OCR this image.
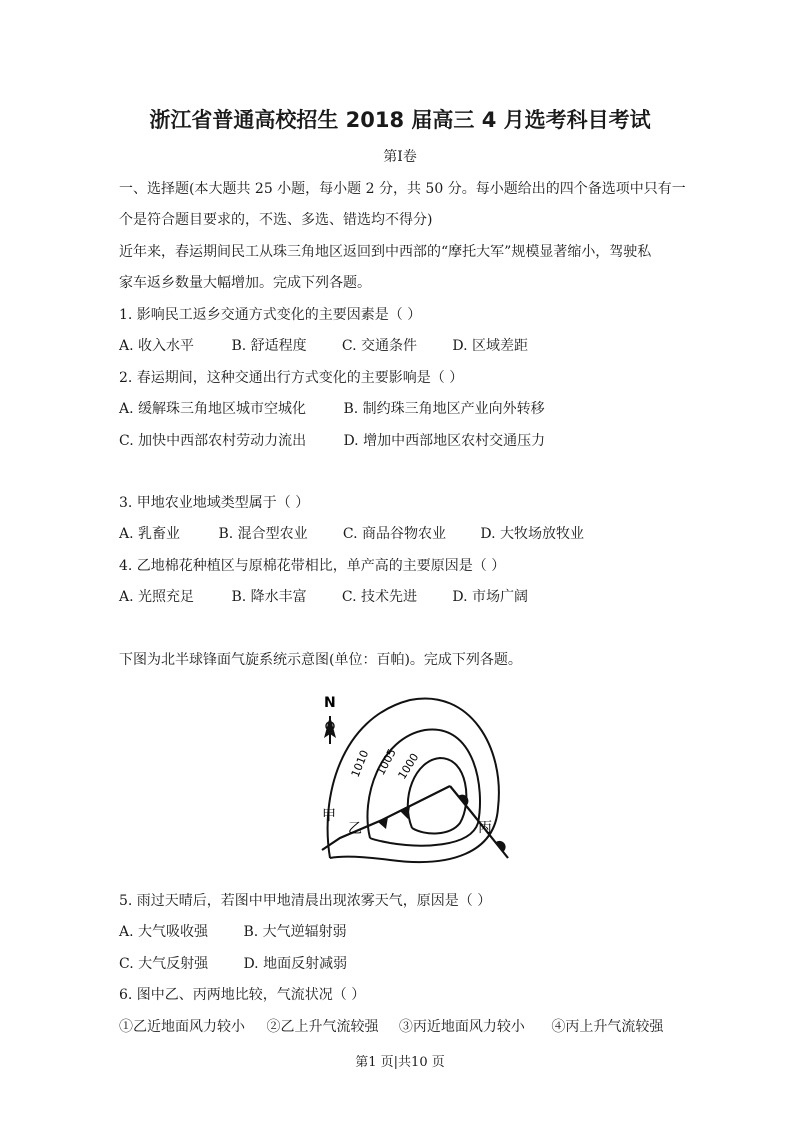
浙江省普通高校招生 2018 届高三 4 月选考科目考试
第Ⅰ卷
一、选择题(本大题共 25 小题，每小题 2 分，共 50 分。每小题给出的四个备选项中只有一
个是符合题目要求的，不选、多选、错选均不得分)
近年来，春运期间民工从珠三角地区返回到中西部的“摩托大军”规模显著缩小，驾驶私
家车返乡数量大幅增加。完成下列各题。
1. 影响民工返乡交通方式变化的主要因素是（ ）
A. 收入水平	B. 舒适程度	C. 交通条件	D. 区域差距
2. 春运期间，这种交通出行方式变化的主要影响是（ ）
A. 缓解珠三角地区城市空城化	B. 制约珠三角地区产业向外转移
C. 加快中西部农村劳动力流出	D. 增加中西部地区农村交通压力
3. 甲地农业地域类型属于（ ）
A. 乳畜业	B. 混合型农业	C. 商品谷物农业 D. 大牧场放牧业
4. 乙地棉花种植区与原棉花带相比，单产高的主要原因是（ ）
A. 光照充足	B. 降水丰富	C. 技术先进	D. 市场广阔
下图为北半球锋面气旋系统示意图(单位：百帕)。完成下列各题。
N
1010 1005
1000
甲
乙	丙
5. 雨过天晴后，若图中甲地清晨出现浓雾天气，原因是（ ）
A. 大气吸收强	B. 大气逆辐射弱
C. 大气反射强	D. 地面反射减弱
6. 图中乙、丙两地比较，气流状况（ ）
①乙近地面风力较小 ②乙上升气流较强 ③丙近地面风力较小 ④丙上升气流较强
第1 页|共10 页
